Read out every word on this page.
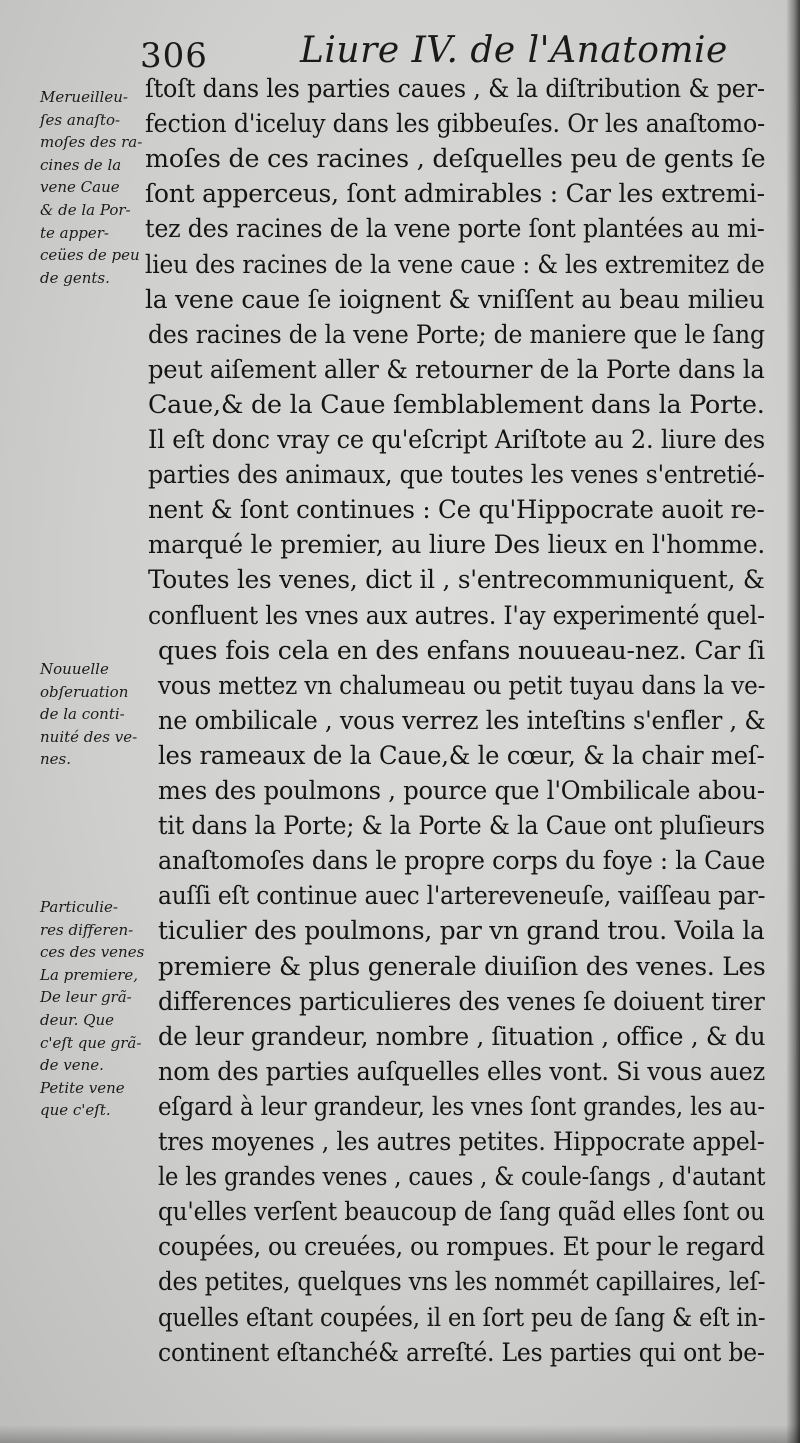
306	Liure IV. de l'Anatomie
ſtoſt dans les parties caues , & la diſtribution & per-
fection d'iceluy dans les gibbeuſes. Or les anaſtomo-
moſes de ces racines , deſquelles peu de gents ſe
ſont apperceus, ſont admirables : Car les extremi-
tez des racines de la vene porte ſont plantées au mi-
lieu des racines de la vene caue : & les extremitez de
la vene caue ſe ioignent & vniſſent au beau milieu
des racines de la vene Porte; de maniere que le ſang
peut aiſement aller & retourner de la Porte dans la
Caue,& de la Caue ſemblablement dans la Porte.
Il eſt donc vray ce qu'eſcript Ariſtote au 2. liure des
parties des animaux, que toutes les venes s'entretié-
nent & ſont continues : Ce qu'Hippocrate auoit re-
marqué le premier, au liure Des lieux en l'homme.
Toutes les venes, dict il , s'entrecommuniquent, &
confluent les vnes aux autres. I'ay experimenté quel-
ques fois cela en des enfans nouueau-nez. Car ſi
vous mettez vn chalumeau ou petit tuyau dans la ve-
ne ombilicale , vous verrez les inteſtins s'enfler , &
les rameaux de la Caue,& le cœur, & la chair meſ-
mes des poulmons , pource que l'Ombilicale abou-
tit dans la Porte; & la Porte & la Caue ont pluſieurs
anaſtomoſes dans le propre corps du foye : la Caue
auſſi eſt continue auec l'artereveneuſe, vaiſſeau par-
ticulier des poulmons, par vn grand trou. Voila la
premiere & plus generale diuiſion des venes. Les
differences particulieres des venes ſe doiuent tirer
de leur grandeur, nombre , ſituation , office , & du
nom des parties auſquelles elles vont. Si vous auez
eſgard à leur grandeur, les vnes ſont grandes, les au-
tres moyenes , les autres petites. Hippocrate appel-
le les grandes venes , caues , & coule-ſangs , d'autant
qu'elles verſent beaucoup de ſang quãd elles ſont ou
coupées, ou creuées, ou rompues. Et pour le regard
des petites, quelques vns les nommét capillaires, leſ-
quelles eſtant coupées, il en ſort peu de ſang & eſt in-
continent eſtanché& arreſté. Les parties qui ont be-
Merueilleu-
ſes anaſto-
moſes des ra-
cines de la
vene Caue
& de la Por-
te apper-
ceües de peu
de gents.
Nouuelle
obſeruation
de la conti-
nuité des ve-
nes.
Particulie-
res differen-
ces des venes
La premiere,
De leur grã-
deur. Que
c'eſt que grã-
de vene.
Petite vene
que c'eſt.
